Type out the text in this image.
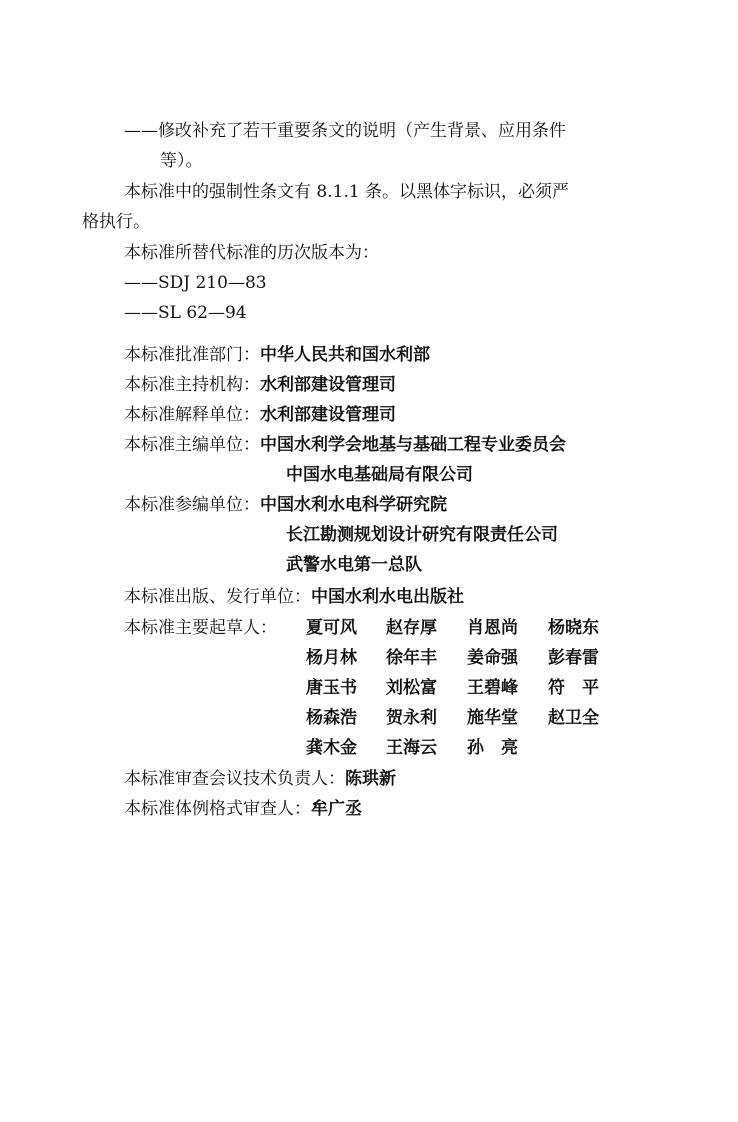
——修改补充了若干重要条文的说明（产生背景、应用条件
等）。
本标准中的强制性条文有 8.1.1 条。以黑体字标识，必须严
格执行。
本标准所替代标准的历次版本为：
——SDJ 210—83
——SL 62—94
本标准批准部门：中华人民共和国水利部
本标准主持机构：水利部建设管理司
本标准解释单位：水利部建设管理司
本标准主编单位：中国水利学会地基与基础工程专业委员会
中国水电基础局有限公司
本标准参编单位：中国水利水电科学研究院
长江勘测规划设计研究有限责任公司
武警水电第一总队
本标准出版、发行单位：中国水利水电出版社
本标准主要起草人： 夏可风 赵存厚 肖恩尚 杨晓东
杨月林 徐年丰 姜命强 彭春雷
唐玉书 刘松富 王碧峰 符　平
杨森浩 贺永利 施华堂 赵卫全
龚木金 王海云 孙　亮
本标准审查会议技术负责人：陈珙新
本标准体例格式审查人：牟广丞
